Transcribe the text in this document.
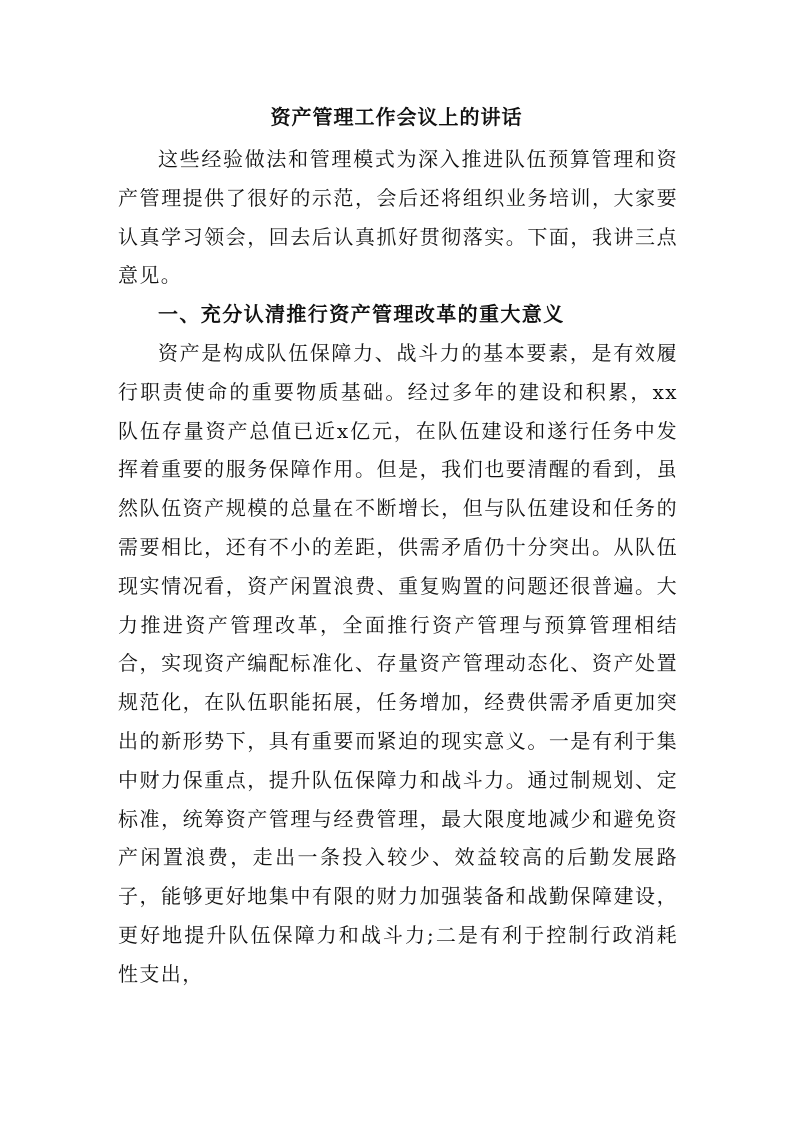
资产管理工作会议上的讲话

这些经验做法和管理模式为深入推进队伍预算管理和资产管理提供了很好的示范，会后还将组织业务培训，大家要认真学习领会，回去后认真抓好贯彻落实。下面，我讲三点意见。

一、充分认清推行资产管理改革的重大意义

资产是构成队伍保障力、战斗力的基本要素，是有效履行职责使命的重要物质基础。经过多年的建设和积累，xx队伍存量资产总值已近x亿元，在队伍建设和遂行任务中发挥着重要的服务保障作用。但是，我们也要清醒的看到，虽然队伍资产规模的总量在不断增长，但与队伍建设和任务的需要相比，还有不小的差距，供需矛盾仍十分突出。从队伍现实情况看，资产闲置浪费、重复购置的问题还很普遍。大力推进资产管理改革，全面推行资产管理与预算管理相结合，实现资产编配标准化、存量资产管理动态化、资产处置规范化，在队伍职能拓展，任务增加，经费供需矛盾更加突出的新形势下，具有重要而紧迫的现实意义。一是有利于集中财力保重点，提升队伍保障力和战斗力。通过制规划、定标准，统筹资产管理与经费管理，最大限度地减少和避免资产闲置浪费，走出一条投入较少、效益较高的后勤发展路子，能够更好地集中有限的财力加强装备和战勤保障建设，更好地提升队伍保障力和战斗力;二是有利于控制行政消耗性支出，
